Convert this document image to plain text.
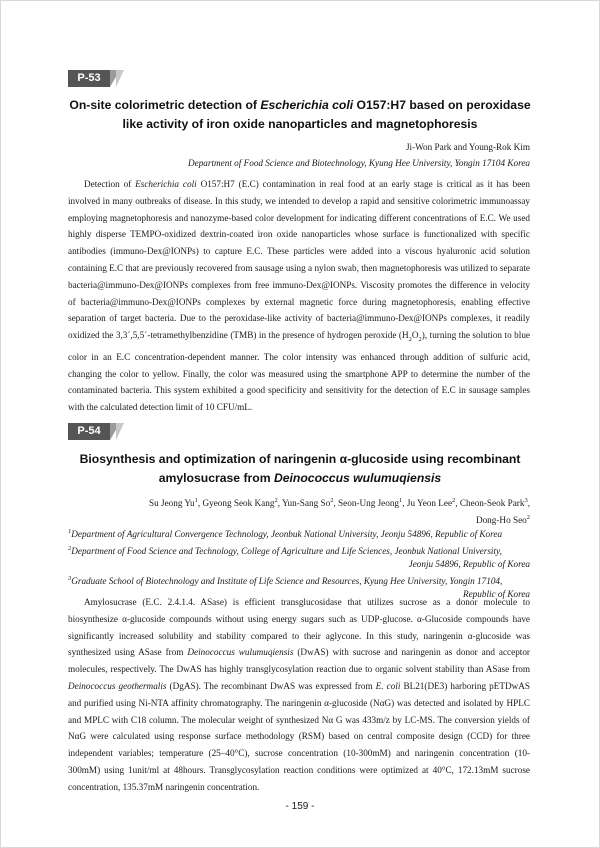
P-53
On-site colorimetric detection of Escherichia coli O157:H7 based on peroxidase like activity of iron oxide nanoparticles and magnetophoresis
Ji-Won Park and Young-Rok Kim
Department of Food Science and Biotechnology, Kyung Hee University, Yongin 17104 Korea

Detection of Escherichia coli O157:H7 (E.C) contamination in real food at an early stage is critical as it has been involved in many outbreaks of disease. In this study, we intended to develop a rapid and sensitive colorimetric immunoassay employing magnetophoresis and nanozyme-based color development for indicating different concentrations of E.C. We used highly disperse TEMPO-oxidized dextrin-coated iron oxide nanoparticles whose surface is functionalized with specific antibodies (immuno-Dex@IONPs) to capture E.C. These particles were added into a viscous hyaluronic acid solution containing E.C that are previously recovered from sausage using a nylon swab, then magnetophoresis was utilized to separate bacteria@immuno-Dex@IONPs complexes from free immuno-Dex@IONPs. Viscosity promotes the difference in velocity of bacteria@immuno-Dex@IONPs complexes by external magnetic force during magnetophoresis, enabling effective separation of target bacteria. Due to the peroxidase-like activity of bacteria@immuno-Dex@IONPs complexes, it readily oxidized the 3,3´,5,5´-tetramethylbenzidine (TMB) in the presence of hydrogen peroxide $(H_2O_2)$, turning the solution to blue color in an E.C concentration-dependent manner. The color intensity was enhanced through addition of sulfuric acid, changing the color to yellow. Finally, the color was measured using the smartphone APP to determine the number of the contaminated bacteria. This system exhibited a good specificity and sensitivity for the detection of E.C in sausage samples with the calculated detection limit of 10 CFU/mL.

P-54
Biosynthesis and optimization of naringenin α-glucoside using recombinant
amylosucrase from Deinococcus wulumuqiensis
Su Jeong Yu$^1$, Gyeong Seok Kang$^2$, Yun-Sang So$^2$, Seon-Ung Jeong$^1$, Ju Yeon Lee$^2$, Cheon-Seok Park$^3$,
Dong-Ho Seo$^2$
$^1$Department of Agricultural Convergence Technology, Jeonbuk National University, Jeonju 54896, Republic of Korea
$^2$Department of Food Science and Technology, College of Agriculture and Life Sciences, Jeonbuk National University,

Jeonju 54896, Republic of Korea
$^3$Graduate School of Biotechnology and Institute of Life Science and Resources, Kyung Hee University, Yongin 17104,

Republic of Korea

Amylosucrase (E.C. 2.4.1.4. ASase) is efficient transglucosidase that utilizes sucrose as a donor molecule to biosynthesize α-glucoside compounds without using energy sugars such as UDP-glucose. α-Glucoside compounds have significantly increased solubility and stability compared to their aglycone. In this study, naringenin α-glucoside was synthesized using ASase from Deinococcus wulumuqiensis (DwAS) with sucrose and naringenin as donor and acceptor molecules, respectively. The DwAS has highly transglycosylation reaction due to organic solvent stability than ASase from Deinococcus geothermalis (DgAS). The recombinant DwAS was expressed from E. coli BL21(DE3) harboring pETDwAS and purified using Ni-NTA affinity chromatography. The naringenin α-glucoside (NαG) was detected and isolated by HPLC and MPLC with C18 column. The molecular weight of synthesized Nα G was 433m/z by LC-MS. The conversion yields of NαG were calculated using response surface methodology (RSM) based on central composite design (CCD) for three independent variables; temperature (25–40°C), sucrose concentration (10-300mM) and naringenin concentration (10-300mM) using 1unit/ml at 48hours. Transglycosylation reaction conditions were optimized at 40°C, 172.13mM sucrose concentration, 135.37mM naringenin concentration.

- 159 -
